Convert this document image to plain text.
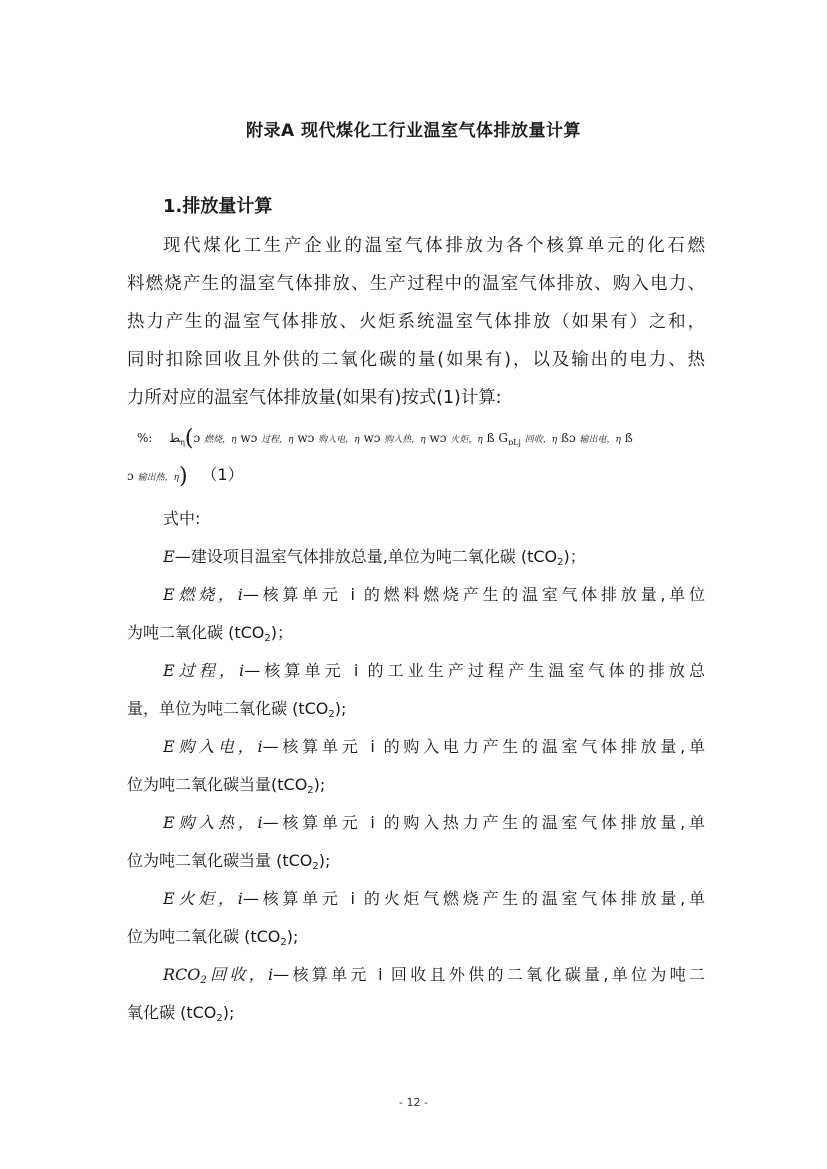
附录A 现代煤化工行业温室气体排放量计算
1.排放量计算
现代煤化工生产企业的温室气体排放为各个核算单元的化石燃
料燃烧产生的温室气体排放、生产过程中的温室气体排放、购入电力、
热力产生的温室气体排放、火炬系统温室气体排放（如果有）之和，
同时扣除回收且外供的二氧化碳的量(如果有)，以及输出的电力、热
力所对应的温室气体排放量(如果有)按式(1)计算:
%: ﻄ$_\eta$(ɔ 燃烧，η wɔ 过程，η wɔ 购入电，η wɔ 购入热，η wɔ 火炬，η ß $G_{ɒǈ}$ 回收，η ßɔ 输出电，η ß
ɔ 输出热，η) （1）
式中:
E—建设项目温室气体排放总量,单位为吨二氧化碳 (tCO$_2$)；
E燃烧，i—核算单元 i 的燃料燃烧产生的温室气体排放量,单位
为吨二氧化碳 (tCO$_2$)；
E过程，i—核算单元 i 的工业生产过程产生温室气体的排放总
量，单位为吨二氧化碳 (tCO$_2$);
E购入电，i—核算单元 i 的购入电力产生的温室气体排放量,单
位为吨二氧化碳当量(tCO$_2$);
E购入热，i—核算单元 i 的购入热力产生的温室气体排放量,单
位为吨二氧化碳当量 (tCO$_2$);
E火炬，i—核算单元 i 的火炬气燃烧产生的温室气体排放量,单
位为吨二氧化碳 (tCO$_2$);
$RCO_2$回收，i—核算单元 i 回收且外供的二氧化碳量,单位为吨二
氧化碳 (tCO$_2$);
- 12 -
